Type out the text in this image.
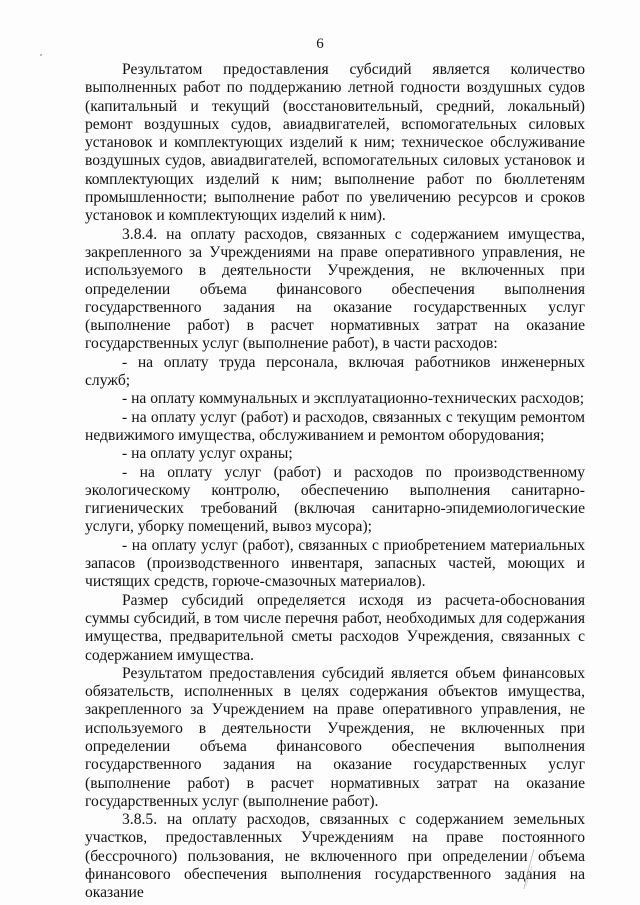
6

Результатом предоставления субсидий является количество выполненных работ по поддержанию летной годности воздушных судов (капитальный и текущий (восстановительный, средний, локальный) ремонт воздушных судов, авиадвигателей, вспомогательных силовых установок и комплектующих изделий к ним; техническое обслуживание воздушных судов, авиадвигателей, вспомогательных силовых установок и комплектующих изделий к ним; выполнение работ по бюллетеням промышленности; выполнение работ по увеличению ресурсов и сроков установок и комплектующих изделий к ним).

3.8.4. на оплату расходов, связанных с содержанием имущества, закрепленного за Учреждениями на праве оперативного управления, не используемого в деятельности Учреждения, не включенных при определении объема финансового обеспечения выполнения государственного задания на оказание государственных услуг (выполнение работ) в расчет нормативных затрат на оказание государственных услуг (выполнение работ), в части расходов:

- на оплату труда персонала, включая работников инженерных служб;

- на оплату коммунальных и эксплуатационно-технических расходов;

- на оплату услуг (работ) и расходов, связанных с текущим ремонтом недвижимого имущества, обслуживанием и ремонтом оборудования;

- на оплату услуг охраны;

- на оплату услуг (работ) и расходов по производственному экологическому контролю, обеспечению выполнения санитарно-гигиенических требований (включая санитарно-эпидемиологические услуги, уборку помещений, вывоз мусора);

- на оплату услуг (работ), связанных с приобретением материальных запасов (производственного инвентаря, запасных частей, моющих и чистящих средств, горюче-смазочных материалов).

Размер субсидий определяется исходя из расчета-обоснования суммы субсидий, в том числе перечня работ, необходимых для содержания имущества, предварительной сметы расходов Учреждения, связанных с содержанием имущества.

Результатом предоставления субсидий является объем финансовых обязательств, исполненных в целях содержания объектов имущества, закрепленного за Учреждением на праве оперативного управления, не используемого в деятельности Учреждения, не включенных при определении объема финансового обеспечения выполнения государственного задания на оказание государственных услуг (выполнение работ) в расчет нормативных затрат на оказание государственных услуг (выполнение работ).

3.8.5. на оплату расходов, связанных с содержанием земельных участков, предоставленных Учреждениям на праве постоянного (бессрочного) пользования, не включенного при определении объема финансового обеспечения выполнения государственного задания на оказание
